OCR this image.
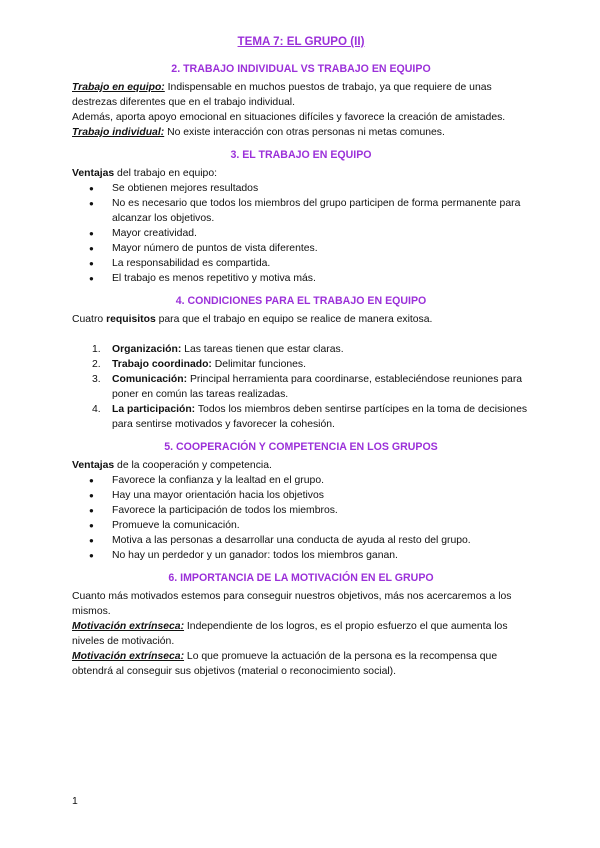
TEMA 7: EL GRUPO (II)
2. TRABAJO INDIVIDUAL VS TRABAJO EN EQUIPO

Trabajo en equipo: Indispensable en muchos puestos de trabajo, ya que requiere de unas destrezas diferentes que en el trabajo individual.

Además, aporta apoyo emocional en situaciones difíciles y favorece la creación de amistades.

Trabajo individual: No existe interacción con otras personas ni metas comunes.

3. EL TRABAJO EN EQUIPO

Ventajas del trabajo en equipo:

● Se obtienen mejores resultados
● No es necesario que todos los miembros del grupo participen de forma permanente para alcanzar los objetivos.
● Mayor creatividad.
● Mayor número de puntos de vista diferentes.
● La responsabilidad es compartida.
● El trabajo es menos repetitivo y motiva más.
4. CONDICIONES PARA EL TRABAJO EN EQUIPO

Cuatro requisitos para que el trabajo en equipo se realice de manera exitosa.

1. Organización: Las tareas tienen que estar claras.
2. Trabajo coordinado: Delimitar funciones.
3. Comunicación: Principal herramienta para coordinarse, estableciéndose reuniones para poner en común las tareas realizadas.
4. La participación: Todos los miembros deben sentirse partícipes en la toma de decisiones para sentirse motivados y favorecer la cohesión.
5. COOPERACIÓN Y COMPETENCIA EN LOS GRUPOS

Ventajas de la cooperación y competencia.

● Favorece la confianza y la lealtad en el grupo.
● Hay una mayor orientación hacia los objetivos
● Favorece la participación de todos los miembros.
● Promueve la comunicación.
● Motiva a las personas a desarrollar una conducta de ayuda al resto del grupo.
● No hay un perdedor y un ganador: todos los miembros ganan.
6. IMPORTANCIA DE LA MOTIVACIÓN EN EL GRUPO

Cuanto más motivados estemos para conseguir nuestros objetivos, más nos acercaremos a los mismos.

Motivación extrínseca: Independiente de los logros, es el propio esfuerzo el que aumenta los niveles de motivación.

Motivación extrínseca: Lo que promueve la actuación de la persona es la recompensa que obtendrá al conseguir sus objetivos (material o reconocimiento social).

1
